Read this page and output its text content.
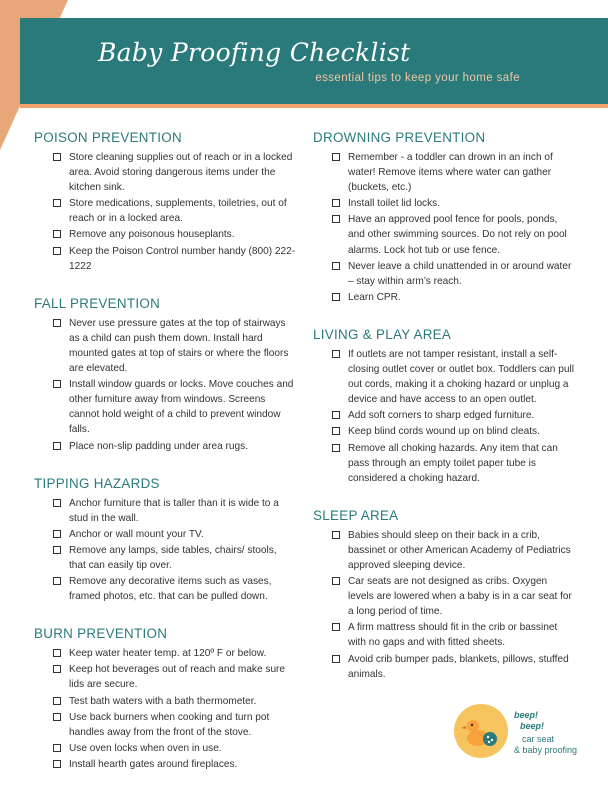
Baby Proofing Checklist
essential tips to keep your home safe
POISON PREVENTION
Store cleaning supplies out of reach or in a locked area. Avoid storing dangerous items under the kitchen sink.
Store medications, supplements, toiletries, out of reach or in a locked area.
Remove any poisonous houseplants.
Keep the Poison Control number handy (800) 222-1222
FALL PREVENTION
Never use pressure gates at the top of stairways as a child can push them down. Install hard mounted gates at top of stairs or where the floors are elevated.
Install window guards or locks. Move couches and other furniture away from windows. Screens cannot hold weight of a child to prevent window falls.
Place non-slip padding under area rugs.
TIPPING HAZARDS
Anchor furniture that is taller than it is wide to a stud in the wall.
Anchor or wall mount your TV.
Remove any lamps, side tables, chairs/ stools, that can easily tip over.
Remove any decorative items such as vases, framed photos, etc. that can be pulled down.
BURN PREVENTION
Keep water heater temp. at 120º F or below.
Keep hot beverages out of reach and make sure lids are secure.
Test bath waters with a bath thermometer.
Use back burners when cooking and turn pot handles away from the front of the stove.
Use oven locks when oven in use.
Install hearth gates around fireplaces.
DROWNING PREVENTION
Remember - a toddler can drown in an inch of water! Remove items where water can gather (buckets, etc.)
Install toilet lid locks.
Have an approved pool fence for pools, ponds, and other swimming sources. Do not rely on pool alarms. Lock hot tub or use fence.
Never leave a child unattended in or around water – stay within arm’s reach.
Learn CPR.
LIVING & PLAY AREA
If outlets are not tamper resistant, install a self-closing outlet cover or outlet box. Toddlers can pull out cords, making it a choking hazard or unplug a device and have access to an open outlet.
Add soft corners to sharp edged furniture.
Keep blind cords wound up on blind cleats.
Remove all choking hazards. Any item that can pass through an empty toilet paper tube is considered a choking hazard.
SLEEP AREA
Babies should sleep on their back in a crib, bassinet or other American Academy of Pediatrics approved sleeping device.
Car seats are not designed as cribs. Oxygen levels are lowered when a baby is in a car seat for a long period of time.
A firm mattress should fit in the crib or bassinet with no gaps and with fitted sheets.
Avoid crib bumper pads, blankets, pillows, stuffed animals.
beep!
beep!
car seat
& baby proofing
